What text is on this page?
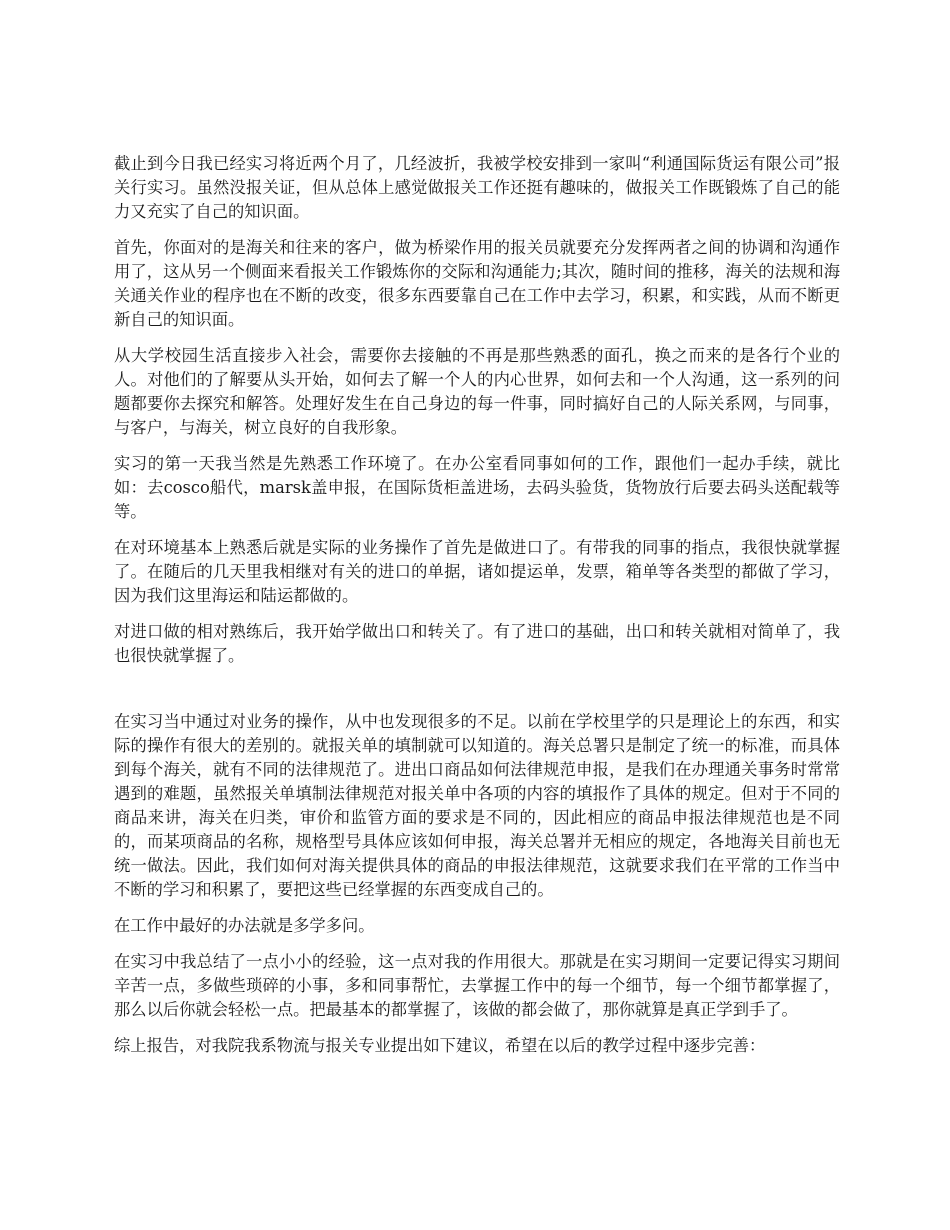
截止到今日我已经实习将近两个月了，几经波折，我被学校安排到一家叫“利通国际货运有限公司”报关行实习。虽然没报关证，但从总体上感觉做报关工作还挺有趣味的，做报关工作既锻炼了自己的能力又充实了自己的知识面。

首先，你面对的是海关和往来的客户，做为桥梁作用的报关员就要充分发挥两者之间的协调和沟通作用了，这从另一个侧面来看报关工作锻炼你的交际和沟通能力;其次，随时间的推移，海关的法规和海关通关作业的程序也在不断的改变，很多东西要靠自己在工作中去学习，积累，和实践，从而不断更新自己的知识面。

从大学校园生活直接步入社会，需要你去接触的不再是那些熟悉的面孔，换之而来的是各行个业的人。对他们的了解要从头开始，如何去了解一个人的内心世界，如何去和一个人沟通，这一系列的问题都要你去探究和解答。处理好发生在自己身边的每一件事，同时搞好自己的人际关系网，与同事，与客户，与海关，树立良好的自我形象。

实习的第一天我当然是先熟悉工作环境了。在办公室看同事如何的工作，跟他们一起办手续，就比如：去cosco船代，marsk盖申报，在国际货柜盖进场，去码头验货，货物放行后要去码头送配载等等。

在对环境基本上熟悉后就是实际的业务操作了首先是做进口了。有带我的同事的指点，我很快就掌握了。在随后的几天里我相继对有关的进口的单据，诸如提运单，发票，箱单等各类型的都做了学习，因为我们这里海运和陆运都做的。

对进口做的相对熟练后，我开始学做出口和转关了。有了进口的基础，出口和转关就相对简单了，我也很快就掌握了。

在实习当中通过对业务的操作，从中也发现很多的不足。以前在学校里学的只是理论上的东西，和实际的操作有很大的差别的。就报关单的填制就可以知道的。海关总署只是制定了统一的标准，而具体到每个海关，就有不同的法律规范了。进出口商品如何法律规范申报，是我们在办理通关事务时常常遇到的难题，虽然报关单填制法律规范对报关单中各项的内容的填报作了具体的规定。但对于不同的商品来讲，海关在归类，审价和监管方面的要求是不同的，因此相应的商品申报法律规范也是不同的，而某项商品的名称，规格型号具体应该如何申报，海关总署并无相应的规定，各地海关目前也无统一做法。因此，我们如何对海关提供具体的商品的申报法律规范，这就要求我们在平常的工作当中不断的学习和积累了，要把这些已经掌握的东西变成自己的。

在工作中最好的办法就是多学多问。

在实习中我总结了一点小小的经验，这一点对我的作用很大。那就是在实习期间一定要记得实习期间辛苦一点，多做些琐碎的小事，多和同事帮忙，去掌握工作中的每一个细节，每一个细节都掌握了，那么以后你就会轻松一点。把最基本的都掌握了，该做的都会做了，那你就算是真正学到手了。

综上报告，对我院我系物流与报关专业提出如下建议，希望在以后的教学过程中逐步完善：
